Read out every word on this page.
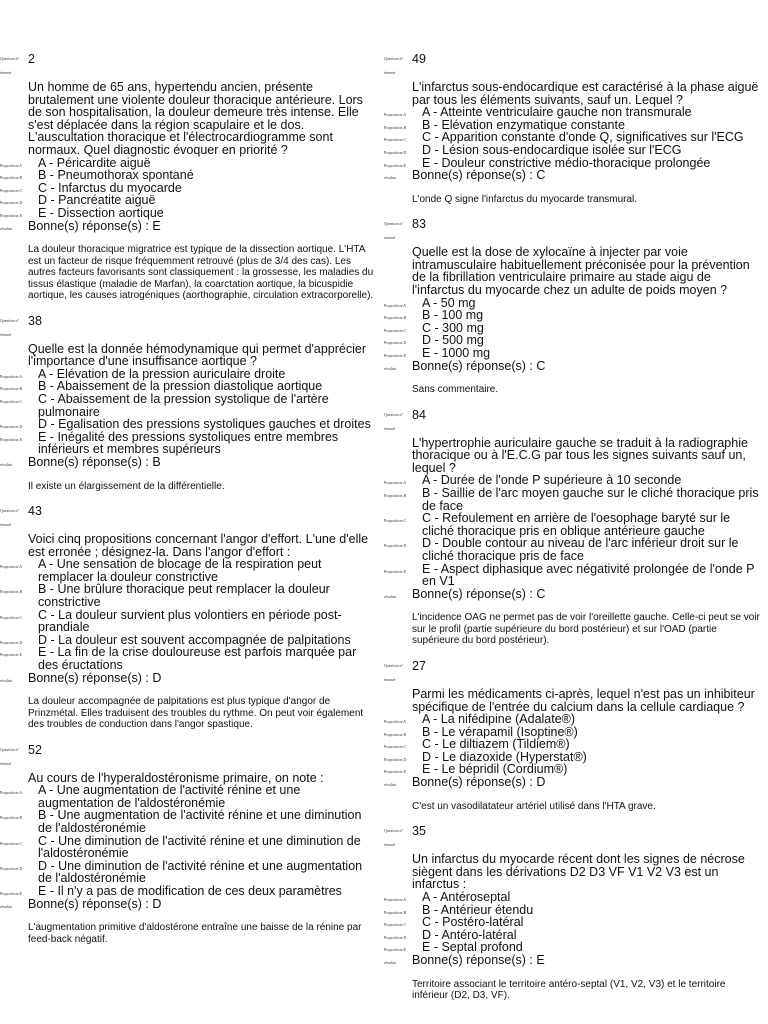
Question n°
énoncé
2

Un homme de 65 ans, hypertendu ancien, présente brutalement une violente douleur thoracique antérieure. Lors de son hospitalisation, la douleur demeure très intense. Elle s'est déplacée dans la région scapulaire et le dos. L'auscultation thoracique et l'électrocardiogramme sont normaux. Quel diagnostic évoquer en priorité ?

Proposition A	A - Péricardite aiguë
Proposition B	B - Pneumothorax spontané
Proposition C	C - Infarctus du myocarde
Proposition D	D - Pancréatite aiguë
Proposition E	E - Dissection aortique
résultat Bonne(s) réponse(s) : E
La douleur thoracique migratrice est typique de la dissection aortique. L'HTA est un facteur de risque fréquemment retrouvé (plus de 3/4 des cas). Les autres facteurs favorisants sont classiquement : la grossesse, les maladies du tissus élastique (maladie de Marfan), la coarctation aortique, la bicuspidie aortique, les causes iatrogéniques (aorthographie, circulation extracorporelle).
Question n°
énoncé
38

Quelle est la donnée hémodynamique qui permet d'apprécier l'importance d'une insuffisance aortique ?

Proposition A	A - Elévation de la pression auriculaire droite
Proposition B	B - Abaissement de la pression diastolique aortique
Proposition C	C - Abaissement de la pression systolique de l'artère pulmonaire
Proposition D	D - Egalisation des pressions systoliques gauches et droites
Proposition E	E - Inégalité des pressions systoliques entre membres inférieurs et membres supérieurs
résultat Bonne(s) réponse(s) : B
Il existe un élargissement de la différentielle.
Question n°
énoncé
43

Voici cinq propositions concernant l'angor d'effort. L'une d'elle est erronée ; désignez-la. Dans l'angor d'effort :

Proposition A	A - Une sensation de blocage de la respiration peut remplacer la douleur constrictive
Proposition B	B - Une brûlure thoracique peut remplacer la douleur constrictive
Proposition C	C - La douleur survient plus volontiers en période post-prandiale
Proposition D	D - La douleur est souvent accompagnée de palpitations
Proposition E	E - La fin de la crise douloureuse est parfois marquée par des éructations
résultat Bonne(s) réponse(s) : D
La douleur accompagnée de palpitations est plus typique d'angor de Prinzmétal. Elles traduisent des troubles du rythme. On peut voir également des troubles de conduction dans l'angor spastique.
Question n°
énoncé
52

Au cours de l'hyperaldostéronisme primaire, on note :

Proposition A	A - Une augmentation de l'activité rénine et une augmentation de l'aldostéronémie
Proposition B	B - Une augmentation de l'activité rénine et une diminution de l'aldostéronémie
Proposition C	C - Une diminution de l'activité rénine et une diminution de l'aldostéronémie
Proposition D	D - Une diminution de l'activité rénine et une augmentation de l'aldostéronémie
Proposition E	E - Il n'y a pas de modification de ces deux paramètres
résultat Bonne(s) réponse(s) : D
L'augmentation primitive d'aldostérone entraîne une baisse de la rénine par feed-back négatif.
Question n°
énoncé
49

L'infarctus sous-endocardique est caractérisé à la phase aiguë par tous les éléments suivants, sauf un. Lequel ?

Proposition A	A - Atteinte ventriculaire gauche non transmurale
Proposition B	B - Elévation enzymatique constante
Proposition C	C - Apparition constante d'onde Q, significatives sur l'ECG
Proposition D	D - Lésion sous-endocardique isolée sur l'ECG
Proposition E	E - Douleur constrictive médio-thoracique prolongée
résultat Bonne(s) réponse(s) : C
L'onde Q signe l'infarctus du myocarde transmural.
Question n°
énoncé
83

Quelle est la dose de xylocaïne à injecter par voie intramusculaire habituellement préconisée pour la prévention de la fibrillation ventriculaire primaire au stade aigu de l'infarctus du myocarde chez un adulte de poids moyen ?

Proposition A	A - 50 mg
Proposition B	B - 100 mg
Proposition C	C - 300 mg
Proposition D	D - 500 mg
Proposition E	E - 1000 mg
résultat Bonne(s) réponse(s) : C
Sans commentaire.
Question n°
énoncé
84

L'hypertrophie auriculaire gauche se traduit à la radiographie thoracique ou à l'E.C.G par tous les signes suivants sauf un, lequel ?

Proposition A	A - Durée de l'onde P supérieure à 10 seconde
Proposition B	B - Saillie de l'arc moyen gauche sur le cliché thoracique pris de face
Proposition C	C - Refoulement en arrière de l'oesophage baryté sur le cliché thoracique pris en oblique antérieure gauche
Proposition D	D - Double contour au niveau de l'arc inférieur droit sur le cliché thoracique pris de face
Proposition E	E - Aspect diphasique avec négativité prolongée de l'onde P en V1
résultat Bonne(s) réponse(s) : C
L'incidence OAG ne permet pas de voir l'oreillette gauche. Celle-ci peut se voir sur le profil (partie supérieure du bord postérieur) et sur l'OAD (partie supérieure du bord postérieur).
Question n°
énoncé
27

Parmi les médicaments ci-après, lequel n'est pas un inhibiteur spécifique de l'entrée du calcium dans la cellule cardiaque ?

Proposition A	A - La nifédipine (Adalate®)
Proposition B	B - Le vérapamil (Isoptine®)
Proposition C	C - Le diltiazem (Tildiem®)
Proposition D	D - Le diazoxide (Hyperstat®)
Proposition E	E - Le bépridil (Cordium®)
résultat Bonne(s) réponse(s) : D
C'est un vasodilatateur artériel utilisé dans l'HTA grave.
Question n°
énoncé
35

Un infarctus du myocarde récent dont les signes de nécrose siègent dans les dérivations D2 D3 VF V1 V2 V3 est un infarctus :

Proposition A	A - Antéroseptal
Proposition B	B - Antérieur étendu
Proposition C	C - Postéro-latéral
Proposition D	D - Antéro-latéral
Proposition E	E - Septal profond
résultat Bonne(s) réponse(s) : E
Territoire associant le territoire antéro-septal (V1, V2, V3) et le territoire inférieur (D2, D3, VF).
